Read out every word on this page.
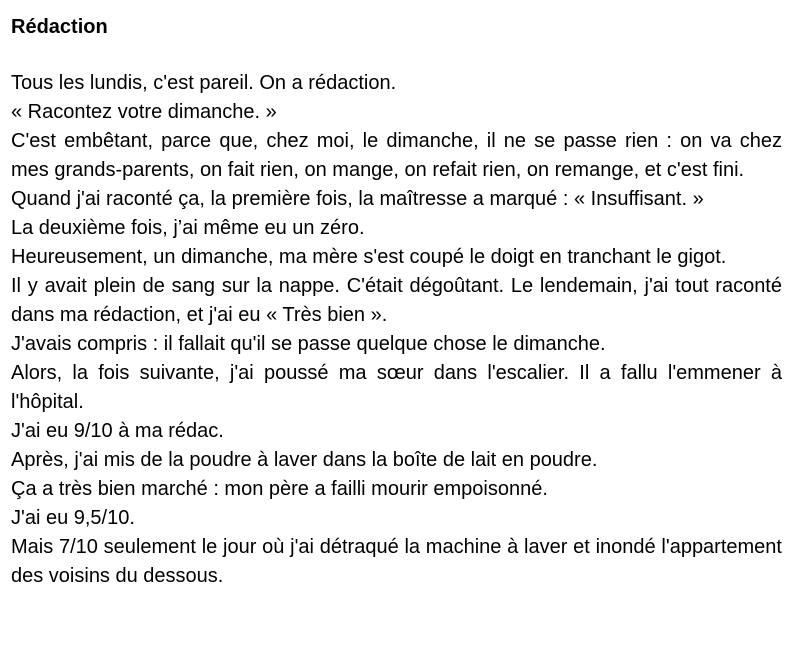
Rédaction

Tous les lundis, c'est pareil. On a rédaction.

« Racontez votre dimanche. »

C'est embêtant, parce que, chez moi, le dimanche, il ne se passe rien : on va chez mes grands-parents, on fait rien, on mange, on refait rien, on remange, et c'est fini.

Quand j'ai raconté ça, la première fois, la maîtresse a marqué : « Insuffisant. »

La deuxième fois, j’ai même eu un zéro.

Heureusement, un dimanche, ma mère s'est coupé le doigt en tranchant le gigot.

Il y avait plein de sang sur la nappe. C'était dégoûtant. Le lendemain, j'ai tout raconté dans ma rédaction, et j'ai eu « Très bien ».

J'avais compris : il fallait qu'il se passe quelque chose le dimanche.

Alors, la fois suivante, j'ai poussé ma sœur dans l'escalier. Il a fallu l'emmener à l'hôpital.

J'ai eu 9/10 à ma rédac.

Après, j'ai mis de la poudre à laver dans la boîte de lait en poudre.

Ça a très bien marché : mon père a failli mourir empoisonné.

J'ai eu 9,5/10.

Mais 7/10 seulement le jour où j'ai détraqué la machine à laver et inondé l'appartement des voisins du dessous.
